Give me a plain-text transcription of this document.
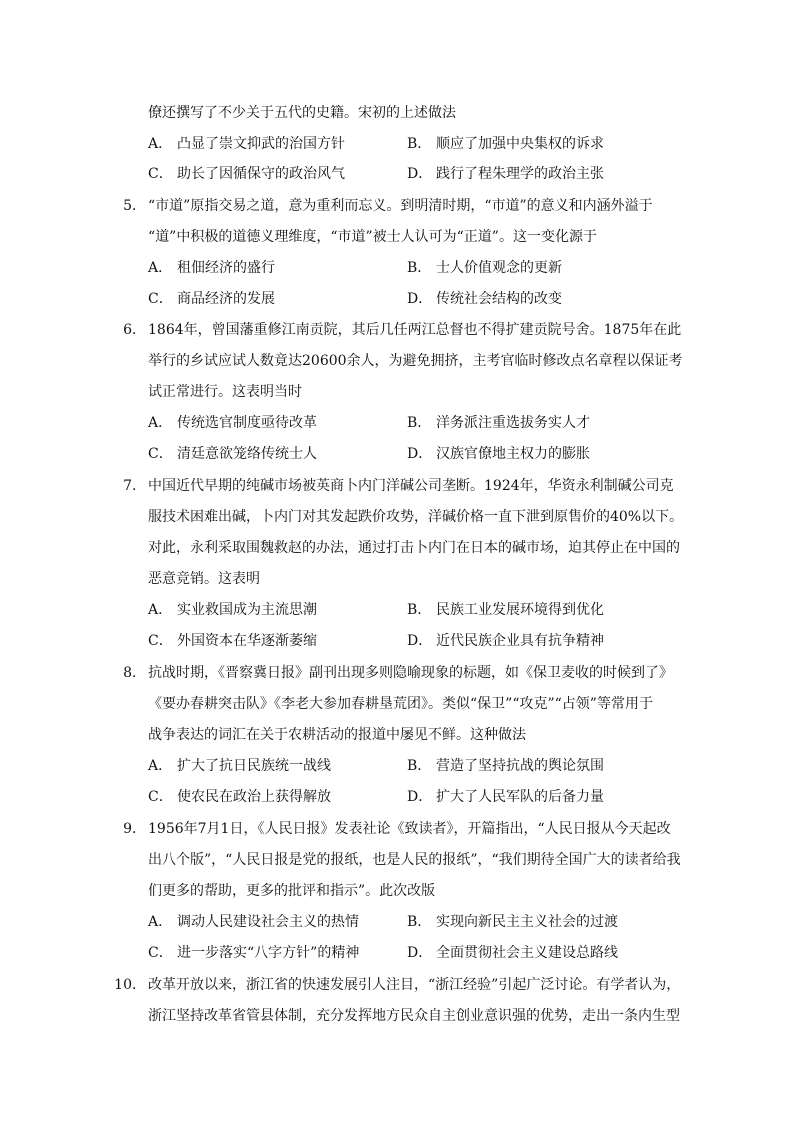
僚还撰写了不少关于五代的史籍。宋初的上述做法
A． 凸显了崇文抑武的治国方针	B． 顺应了加强中央集权的诉求
C． 助长了因循保守的政治风气	D． 践行了程朱理学的政治主张
5． “市道”原指交易之道，意为重利而忘义。到明清时期，“市道”的意义和内涵外溢于
“道”中积极的道德义理维度，“市道”被士人认可为“正道”。这一变化源于
A． 租佃经济的盛行	B． 士人价值观念的更新
C． 商品经济的发展	D． 传统社会结构的改变
6． 1864年，曾国藩重修江南贡院，其后几任两江总督也不得扩建贡院号舍。1875年在此
举行的乡试应试人数竟达20600余人，为避免拥挤，主考官临时修改点名章程以保证考
试正常进行。这表明当时
A． 传统选官制度亟待改革	B． 洋务派注重选拔务实人才
C． 清廷意欲笼络传统士人	D． 汉族官僚地主权力的膨胀
7． 中国近代早期的纯碱市场被英商卜内门洋碱公司垄断。1924年，华资永利制碱公司克
服技术困难出碱，卜内门对其发起跌价攻势，洋碱价格一直下泄到原售价的40%以下。
对此，永利采取围魏救赵的办法，通过打击卜内门在日本的碱市场，迫其停止在中国的
恶意竞销。这表明
A． 实业救国成为主流思潮	B． 民族工业发展环境得到优化
C． 外国资本在华逐渐萎缩	D． 近代民族企业具有抗争精神
8． 抗战时期，《晋察冀日报》副刊出现多则隐喻现象的标题，如《保卫麦收的时候到了》
《要办春耕突击队》《李老大参加春耕垦荒团》。类似“保卫”“攻克”“占领”等常用于
战争表达的词汇在关于农耕活动的报道中屡见不鲜。这种做法
A． 扩大了抗日民族统一战线	B． 营造了坚持抗战的舆论氛围
C． 使农民在政治上获得解放	D． 扩大了人民军队的后备力量
9． 1956年7月1日，《人民日报》发表社论《致读者》，开篇指出，“人民日报从今天起改
出八个版”，“人民日报是党的报纸，也是人民的报纸”，“我们期待全国广大的读者给我
们更多的帮助，更多的批评和指示”。此次改版
A． 调动人民建设社会主义的热情	B． 实现向新民主主义社会的过渡
C． 进一步落实“八字方针”的精神	D． 全面贯彻社会主义建设总路线
10． 改革开放以来，浙江省的快速发展引人注目，“浙江经验”引起广泛讨论。有学者认为，
浙江坚持改革省管县体制，充分发挥地方民众自主创业意识强的优势，走出一条内生型
